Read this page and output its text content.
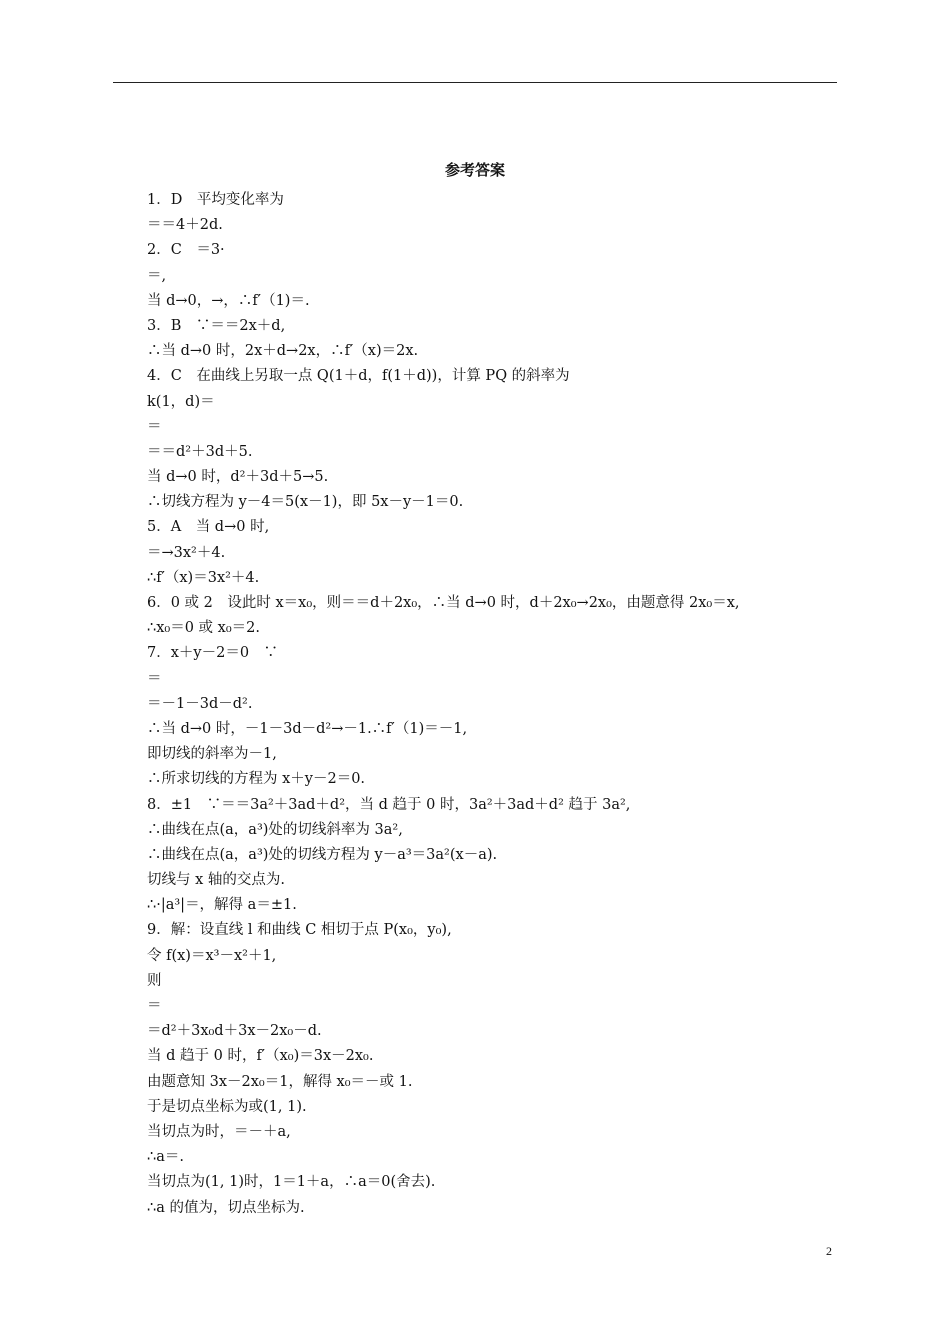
参考答案
1．D　平均变化率为
＝＝4＋2d.
2．C　＝3·
＝,
当 d→0，→，∴f′（1)＝.
3．B　∵＝＝2x＋d,
∴当 d→0 时，2x＋d→2x，∴f′（x)＝2x.
4．C　在曲线上另取一点 Q(1＋d，f(1＋d))，计算 PQ 的斜率为
k(1，d)＝
＝
＝＝d²＋3d＋5.
当 d→0 时，d²＋3d＋5→5.
∴切线方程为 y－4＝5(x－1)，即 5x－y－1＝0.
5．A　当 d→0 时,
＝→3x²＋4.
∴f′（x)＝3x²＋4.
6．0 或 2　设此时 x＝x₀，则＝＝d＋2x₀，∴当 d→0 时，d＋2x₀→2x₀，由题意得 2x₀＝x,
∴x₀＝0 或 x₀＝2.
7．x＋y－2＝0　∵
＝
＝－1－3d－d².
∴当 d→0 时，－1－3d－d²→－1.∴f′（1)＝－1,
即切线的斜率为－1,
∴所求切线的方程为 x＋y－2＝0.
8．±1　∵＝＝3a²＋3ad＋d²，当 d 趋于 0 时，3a²＋3ad＋d² 趋于 3a²,
∴曲线在点(a，a³)处的切线斜率为 3a²,
∴曲线在点(a，a³)处的切线方程为 y－a³＝3a²(x－a).
切线与 x 轴的交点为.
∴·|a³|＝，解得 a＝±1.
9．解：设直线 l 和曲线 C 相切于点 P(x₀，y₀),
令 f(x)＝x³－x²＋1,
则
＝
＝d²＋3x₀d＋3x－2x₀－d.
当 d 趋于 0 时，f′（x₀)＝3x－2x₀.
由题意知 3x－2x₀＝1，解得 x₀＝－或 1.
于是切点坐标为或(1, 1).
当切点为时，＝－＋a,
∴a＝.
当切点为(1, 1)时，1＝1＋a，∴a＝0(舍去).
∴a 的值为，切点坐标为.
2
